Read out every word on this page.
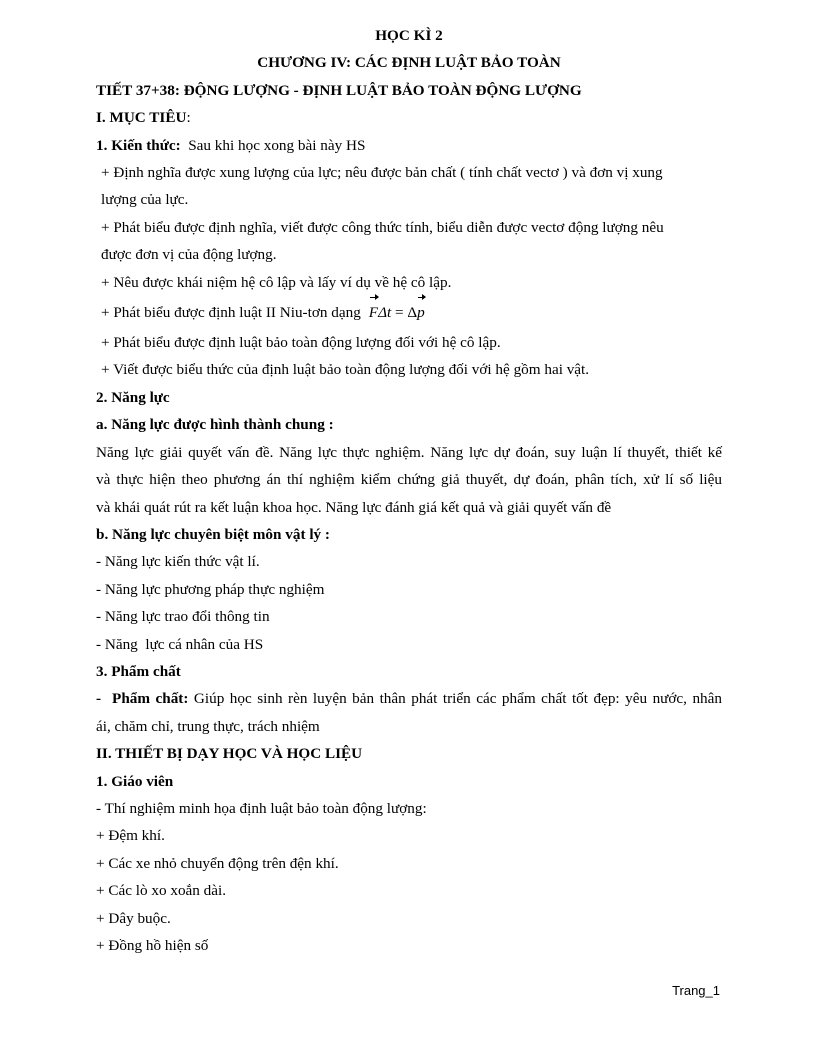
HỌC KÌ 2
CHƯƠNG IV: CÁC ĐỊNH LUẬT BẢO TOÀN
TIẾT 37+38: ĐỘNG LƯỢNG - ĐỊNH LUẬT BẢO TOÀN ĐỘNG LƯỢNG
I. MỤC TIÊU:
1. Kiến thức:  Sau khi học xong bài này HS
+ Định nghĩa được xung lượng của lực; nêu được bản chất ( tính chất vectơ ) và đơn vị xung
lượng của lực.
+ Phát biểu được định nghĩa, viết được công thức tính, biểu diễn được vectơ động lượng nêu
được đơn vị của động lượng.
+ Nêu được khái niệm hệ cô lập và lấy ví dụ về hệ cô lập.
+ Phát biểu được định luật II Niu-tơn dạng FΔt = Δp
+ Phát biểu được định luật bảo toàn động lượng đối với hệ cô lập.
+ Viết được biểu thức của định luật bảo toàn động lượng đối với hệ gồm hai vật.
2. Năng lực
a. Năng lực được hình thành chung :
Năng lực giải quyết vấn đề. Năng lực thực nghiệm. Năng lực dự đoán, suy luận lí thuyết, thiết kế
và thực hiện theo phương án thí nghiệm kiểm chứng giả thuyết, dự đoán, phân tích, xử lí số liệu
và khái quát rút ra kết luận khoa học. Năng lực đánh giá kết quả và giải quyết vấn đề
b. Năng lực chuyên biệt môn vật lý :
- Năng lực kiến thức vật lí.
- Năng lực phương pháp thực nghiệm
- Năng lực trao đổi thông tin
- Năng  lực cá nhân của HS
3. Phẩm chất
-  Phẩm chất: Giúp học sinh rèn luyện bản thân phát triển các phẩm chất tốt đẹp: yêu nước, nhân
ái, chăm chỉ, trung thực, trách nhiệm
II. THIẾT BỊ DẠY HỌC VÀ HỌC LIỆU
1. Giáo viên
- Thí nghiệm minh họa định luật bảo toàn động lượng:
+ Đệm khí.
+ Các xe nhỏ chuyển động trên đện khí.
+ Các lò xo xoắn dài.
+ Dây buộc.
+ Đồng hồ hiện số
Trang_1
